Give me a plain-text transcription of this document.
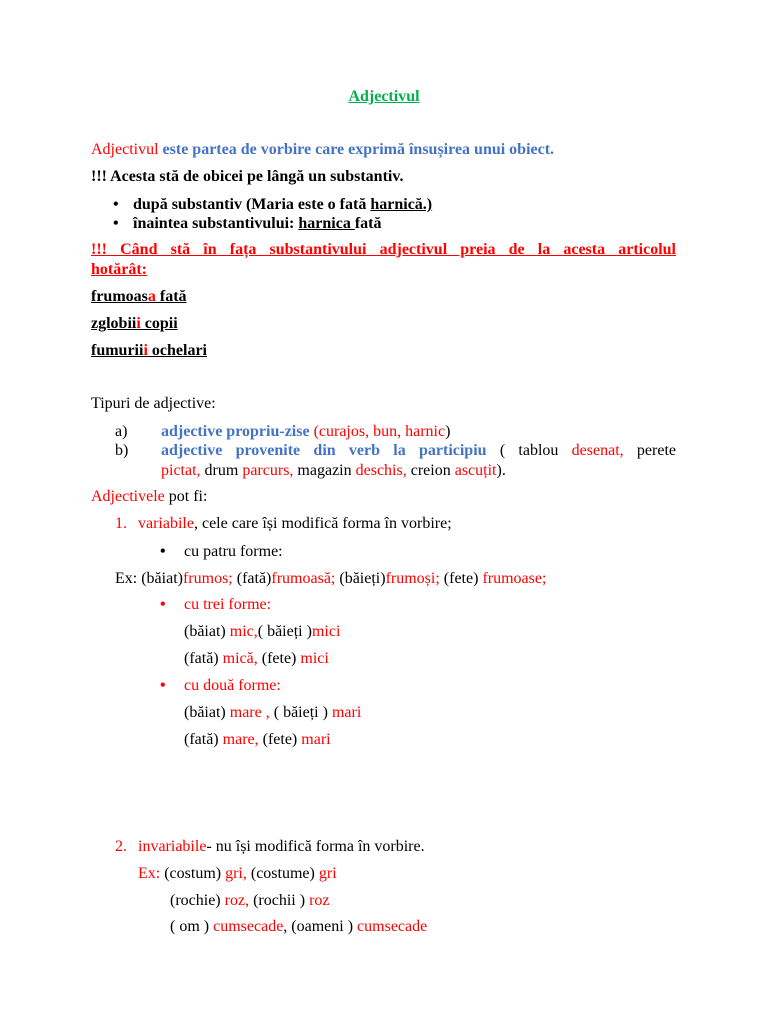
Adjectivul
Adjectivul este partea de vorbire care exprimă însușirea unui obiect.
!!! Acesta stă de obicei pe lângă un substantiv.
• după substantiv (Maria este o fată harnică.)
• înaintea substantivului: harnica fată
!!! Când stă în fața substantivului adjectivul preia de la acesta articolul
hotărât:
frumoasa fată
zglobiii copii
fumuriii ochelari
Tipuri de adjective:
a) adjective propriu-zise (curajos, bun, harnic)
b) adjective provenite din verb la participiu ( tablou desenat, perete
pictat, drum parcurs, magazin deschis, creion ascuțit).
Adjectivele pot fi:
1. variabile, cele care își modifică forma în vorbire;
• cu patru forme:
Ex: (băiat)frumos; (fată)frumoasă; (băieți)frumoși; (fete) frumoase;
• cu trei forme:
(băiat) mic,( băieți )mici
(fată) mică, (fete) mici
• cu două forme:
(băiat) mare , ( băieți ) mari
(fată) mare, (fete) mari
2. invariabile- nu își modifică forma în vorbire.
Ex: (costum) gri, (costume) gri
(rochie) roz, (rochii ) roz
( om ) cumsecade, (oameni ) cumsecade
